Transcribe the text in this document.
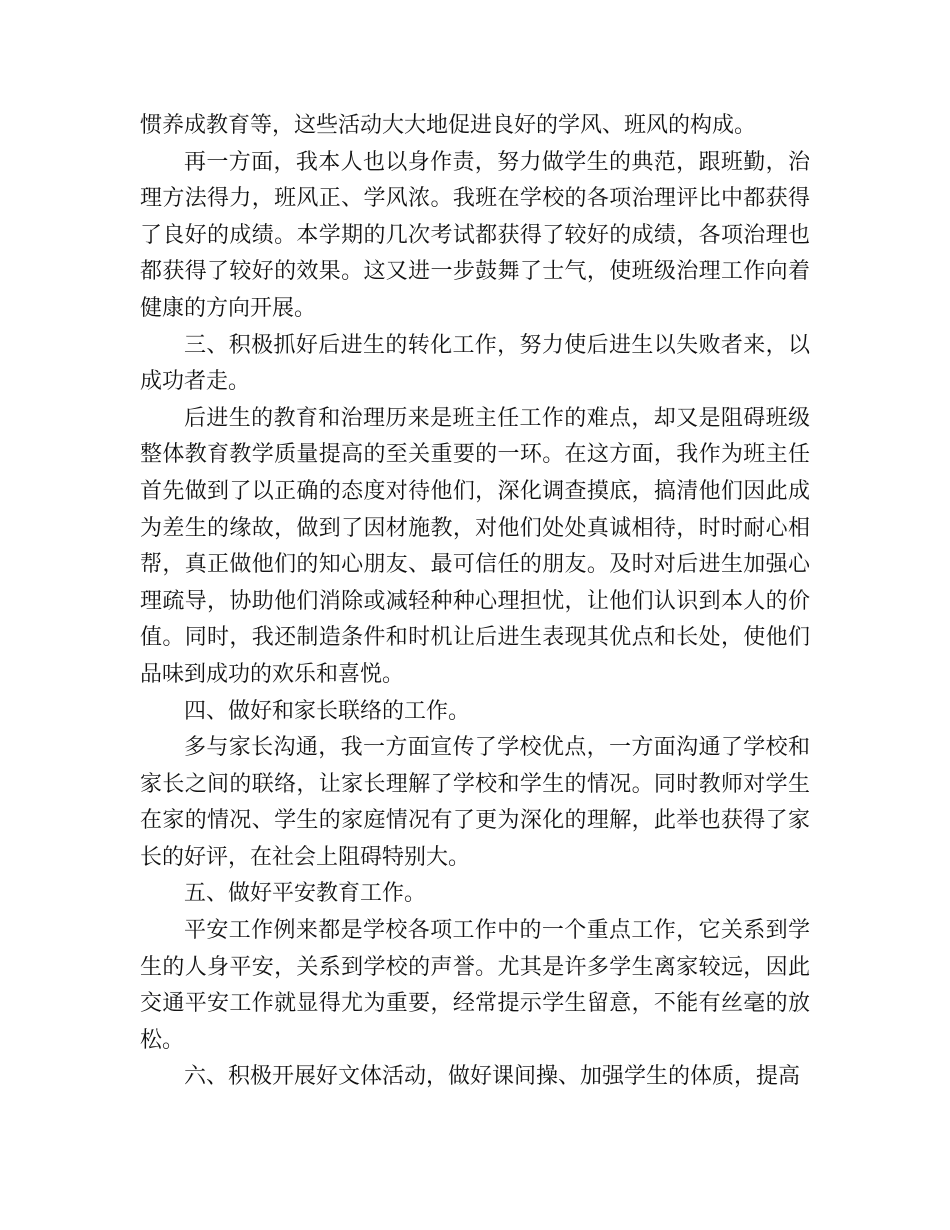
惯养成教育等，这些活动大大地促进良好的学风、班风的构成。

再一方面，我本人也以身作责，努力做学生的典范，跟班勤，治理方法得力，班风正、学风浓。我班在学校的各项治理评比中都获得了良好的成绩。本学期的几次考试都获得了较好的成绩，各项治理也都获得了较好的效果。这又进一步鼓舞了士气，使班级治理工作向着健康的方向开展。

三、积极抓好后进生的转化工作，努力使后进生以失败者来，以成功者走。

后进生的教育和治理历来是班主任工作的难点，却又是阻碍班级整体教育教学质量提高的至关重要的一环。在这方面，我作为班主任首先做到了以正确的态度对待他们，深化调查摸底，搞清他们因此成为差生的缘故，做到了因材施教，对他们处处真诚相待，时时耐心相帮，真正做他们的知心朋友、最可信任的朋友。及时对后进生加强心理疏导，协助他们消除或减轻种种心理担忧，让他们认识到本人的价值。同时，我还制造条件和时机让后进生表现其优点和长处，使他们品味到成功的欢乐和喜悦。

四、做好和家长联络的工作。

多与家长沟通，我一方面宣传了学校优点，一方面沟通了学校和家长之间的联络，让家长理解了学校和学生的情况。同时教师对学生在家的情况、学生的家庭情况有了更为深化的理解，此举也获得了家长的好评，在社会上阻碍特别大。

五、做好平安教育工作。

平安工作例来都是学校各项工作中的一个重点工作，它关系到学生的人身平安，关系到学校的声誉。尤其是许多学生离家较远，因此交通平安工作就显得尤为重要，经常提示学生留意，不能有丝毫的放松。

六、积极开展好文体活动，做好课间操、加强学生的体质，提高
